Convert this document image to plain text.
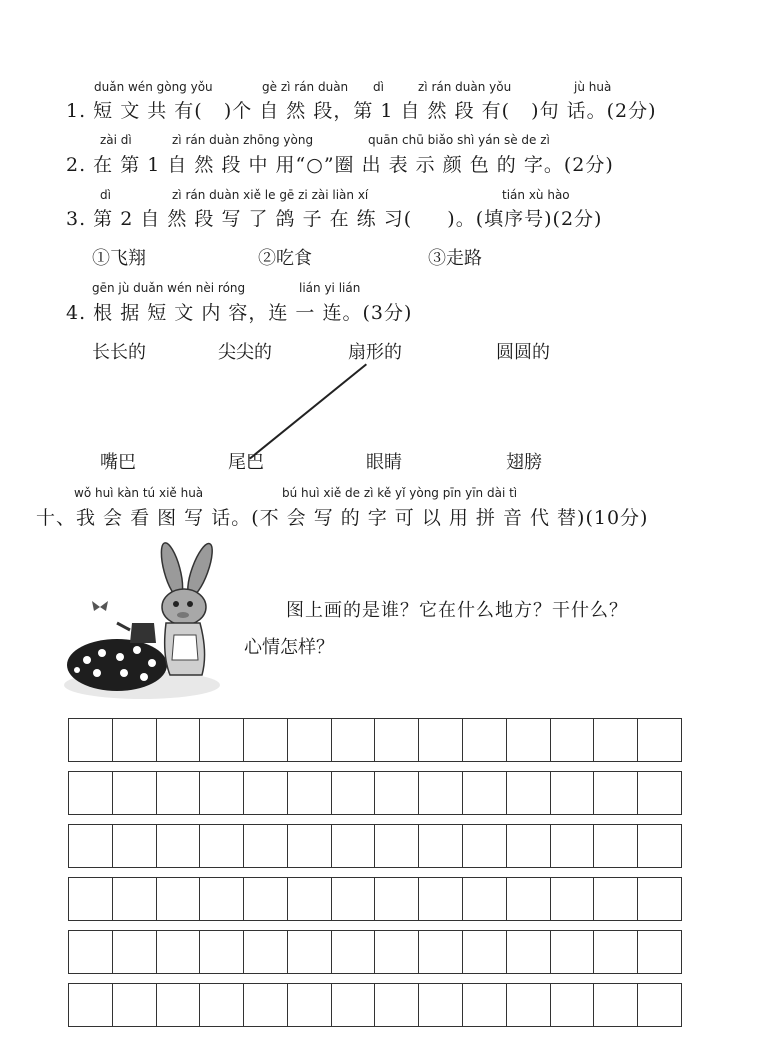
duǎn wén gòng yǒu	gè zì rán duàn dì	zì rán duàn yǒu	jù huà
1. 短 文 共 有(   )个 自 然 段，第 1 自 然 段 有(   )句 话。(2分)
zài dì	zì rán duàn zhōng yòng	quān chū biǎo shì yán sè de zì
2. 在 第 1 自 然 段 中 用“○”圈 出 表 示 颜 色 的 字。(2分)
dì	zì rán duàn xiě le gē zi zài liàn xí	tián xù hào
3. 第 2 自 然 段 写 了 鸽 子 在 练 习(     )。(填序号)(2分)
①飞翔	②吃食	③走路
gēn jù duǎn wén nèi róng	lián yi lián
4. 根 据 短 文 内 容，连 一 连。(3分)
长长的	尖尖的	扇形的	圆圆的
嘴巴	尾巴	眼睛	翅膀
wǒ huì kàn tú xiě huà	bú huì xiě de zì kě yǐ yòng pīn yīn dài tì
十、我 会 看 图 写 话。(不 会 写 的 字 可 以 用 拼 音 代 替)(10分)
图上画的是谁？它在什么地方？干什么？
心情怎样？
